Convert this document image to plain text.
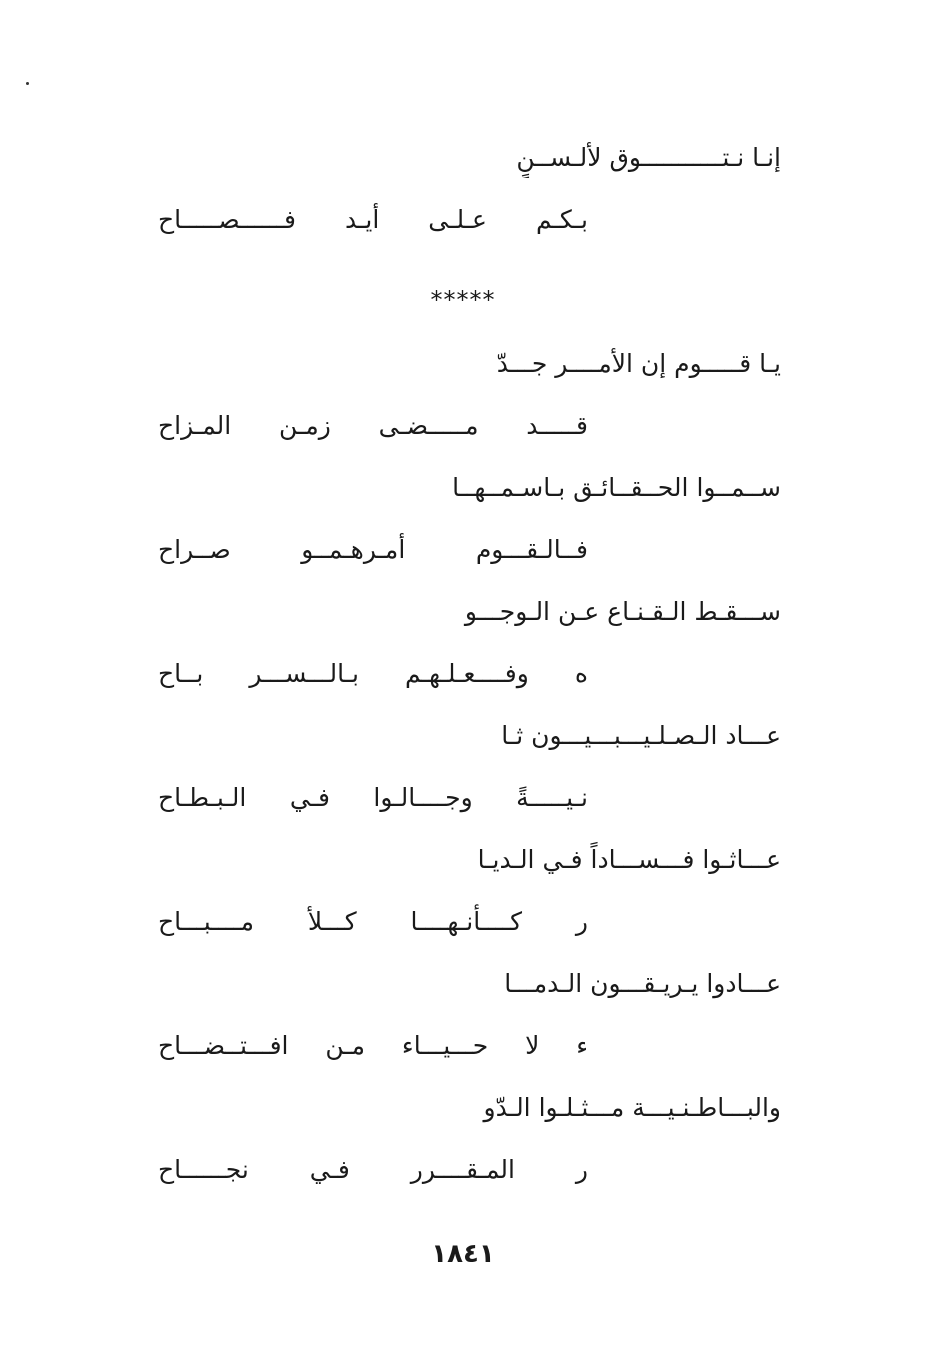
إنـا نـتـــــــــــوق لألـســنٍ
بـكـم عـلـى أيـد فــــــصـــــاح
*****
يـا قـــــوم إن الأمــــر جـــدّ
قـــــد مـــــضـى زمـن المـزاح
ســمــوا الحــقــائـق بـاسـمــهــا
فــالـقـــوم أمـرهـمــو صــراح
ســـقـط الـقـنـاع عـن الـوجـــو
ه وفــــعـلـهـم بـالـــســـر بــاح
عـــاد الـصـلـيـــبـــيـــون ثـا
نـيـــــةً وجــــالـوا فـي الـبـطـاح
عـــاثـوا فـــســـاداً فـي الـديـا
ر كــــأنـهــــا كـــلأ مــــبـــاح
عـــادوا يـريـقـــون الـدمـــا
ء لا حـــيـــاء مـن افـــتــضـــاح
والبـــاطـنـيـــة مـــثـلـوا الـدّو
ر المـقــــرر فـي نجــــــاح
١٨٤١
